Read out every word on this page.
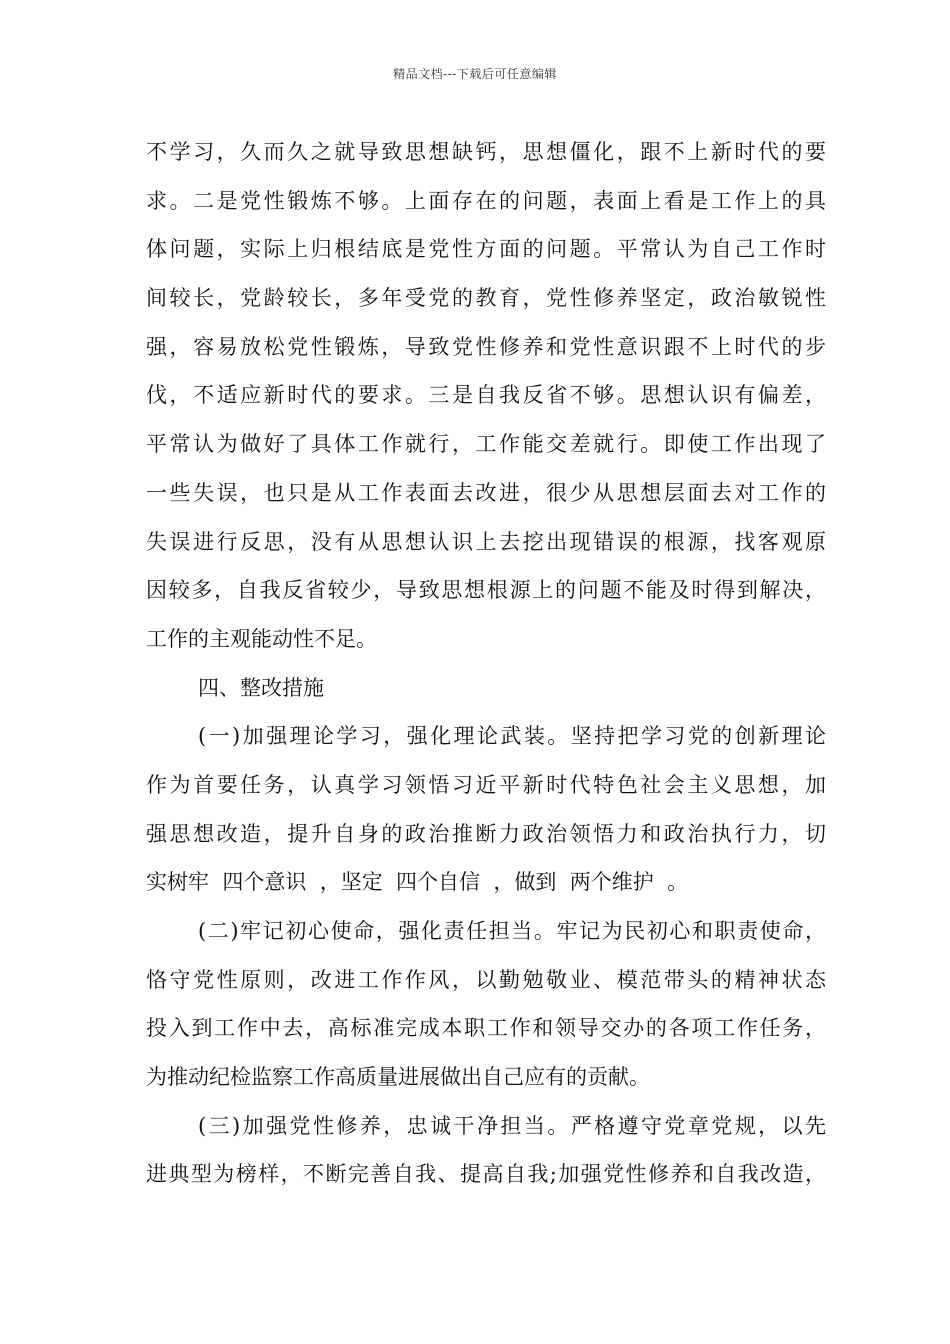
精品文档---下载后可任意编辑
不学习，久而久之就导致思想缺钙，思想僵化，跟不上新时代的要
求。二是党性锻炼不够。上面存在的问题，表面上看是工作上的具
体问题，实际上归根结底是党性方面的问题。平常认为自己工作时
间较长，党龄较长，多年受党的教育，党性修养坚定，政治敏锐性
强，容易放松党性锻炼，导致党性修养和党性意识跟不上时代的步
伐，不适应新时代的要求。三是自我反省不够。思想认识有偏差，
平常认为做好了具体工作就行，工作能交差就行。即使工作出现了
一些失误，也只是从工作表面去改进，很少从思想层面去对工作的
失误进行反思，没有从思想认识上去挖出现错误的根源，找客观原
因较多，自我反省较少，导致思想根源上的问题不能及时得到解决，
工作的主观能动性不足。
四、整改措施
(一)加强理论学习，强化理论武装。坚持把学习党的创新理论
作为首要任务，认真学习领悟习近平新时代特色社会主义思想，加
强思想改造，提升自身的政治推断力政治领悟力和政治执行力，切
实树牢  四个意识  ，坚定  四个自信  ，做到  两个维护  。
(二)牢记初心使命，强化责任担当。牢记为民初心和职责使命，
恪守党性原则，改进工作作风，以勤勉敬业、模范带头的精神状态
投入到工作中去，高标准完成本职工作和领导交办的各项工作任务，
为推动纪检监察工作高质量进展做出自己应有的贡献。
(三)加强党性修养，忠诚干净担当。严格遵守党章党规，以先
进典型为榜样，不断完善自我、提高自我;加强党性修养和自我改造，
